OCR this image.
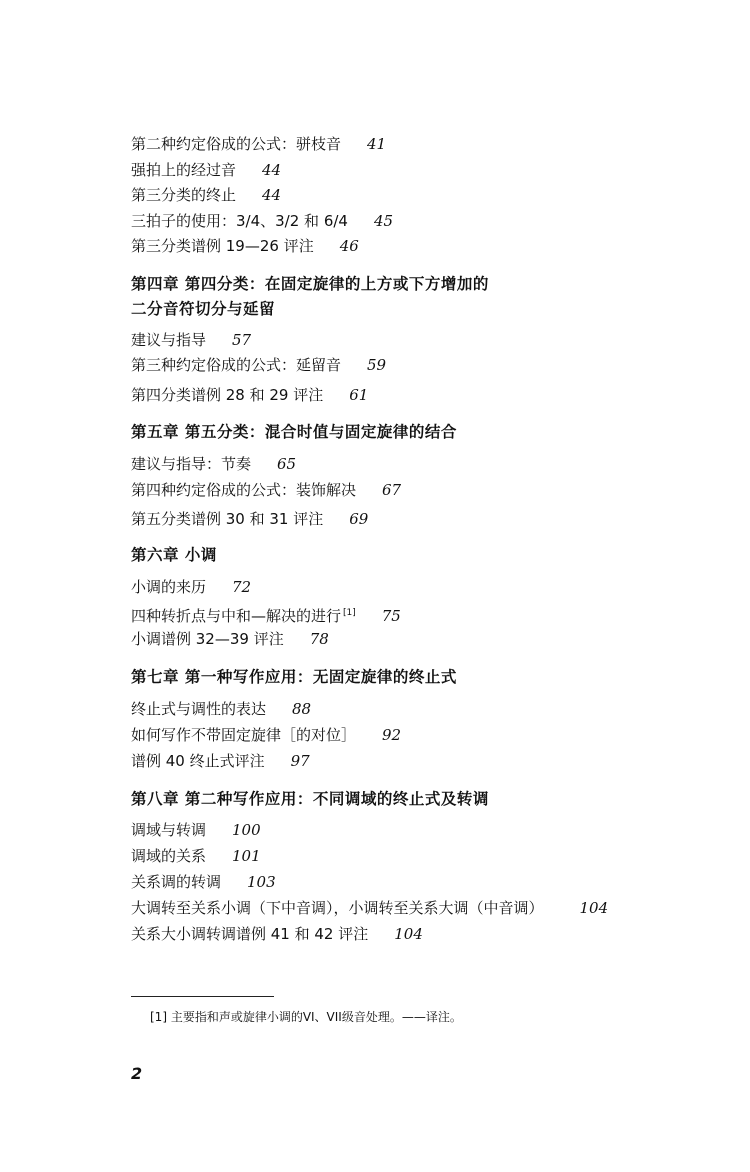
第二种约定俗成的公式：骈枝音 41
强拍上的经过音 44
第三分类的终止 44
三拍子的使用：3/4、3/2 和 6/4 45
第三分类谱例 19—26 评注 46
第四章 第四分类：在固定旋律的上方或下方增加的
二分音符切分与延留
建议与指导 57
第三种约定俗成的公式：延留音 59
第四分类谱例 28 和 29 评注 61
第五章 第五分类：混合时值与固定旋律的结合
建议与指导：节奏 65
第四种约定俗成的公式：装饰解决 67
第五分类谱例 30 和 31 评注 69
第六章 小调
小调的来历 72
四种转折点与中和—解决的进行 [1] 75
小调谱例 32—39 评注 78
第七章 第一种写作应用：无固定旋律的终止式
终止式与调性的表达 88
如何写作不带固定旋律［的对位］ 92
谱例 40 终止式评注 97
第八章 第二种写作应用：不同调域的终止式及转调
调域与转调 100
调域的关系 101
关系调的转调 103
大调转至关系小调（下中音调），小调转至关系大调（中音调） 104
关系大小调转调谱例 41 和 42 评注 104
[1] 主要指和声或旋律小调的VI、VII级音处理。——译注。
2
